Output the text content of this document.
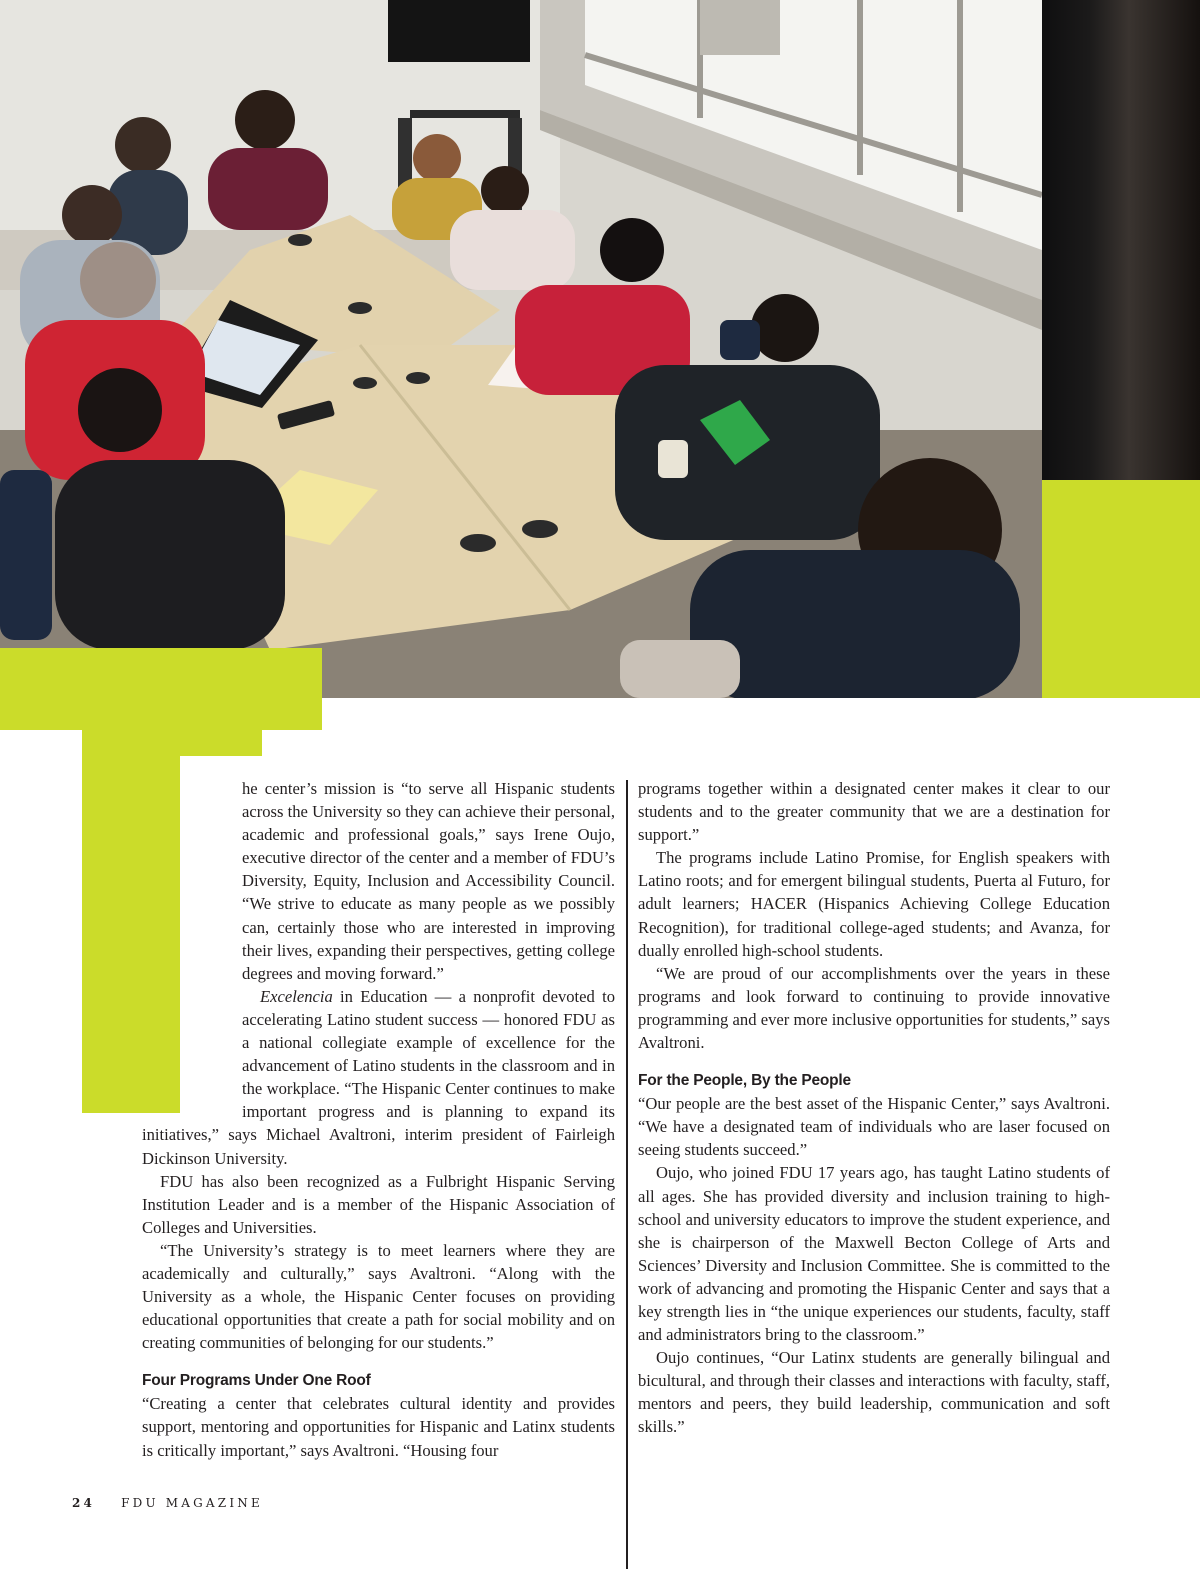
he center’s mission is “to serve all Hispanic students across the University so they can achieve their personal, academic and professional goals,” says Irene Oujo, executive director of the center and a member of FDU’s Diversity, Equity, Inclusion and Accessibility Council. “We strive to educate as many people as we possibly can, certainly those who are interested in improving their lives, expanding their perspectives, getting college degrees and moving forward.”

Excelencia in Education — a nonprofit devoted to accelerating Latino student success — honored FDU as a national collegiate example of excellence for the advancement of Latino students in the classroom and in the workplace. “The Hispanic Center continues to make important progress and is planning to expand its initiatives,” says Michael Avaltroni, interim president of Fairleigh Dickinson University.

FDU has also been recognized as a Fulbright Hispanic Serving Institution Leader and is a member of the Hispanic Association of Colleges and Universities.

“The University’s strategy is to meet learners where they are academically and culturally,” says Avaltroni. “Along with the University as a whole, the Hispanic Center focuses on providing educational opportunities that create a path for social mobility and on creating communities of belonging for our students.”

Four Programs Under One Roof

“Creating a center that celebrates cultural identity and provides support, mentoring and opportunities for Hispanic and Latinx students is critically important,” says Avaltroni. “Housing four

programs together within a designated center makes it clear to our students and to the greater community that we are a destination for support.”

The programs include Latino Promise, for English speakers with Latino roots; and for emergent bilingual students, Puerta al Futuro, for adult learners; HACER (Hispanics Achieving College Education Recognition), for traditional college-aged students; and Avanza, for dually enrolled high-school students.

“We are proud of our accomplishments over the years in these programs and look forward to continuing to provide innovative programming and ever more inclusive opportunities for students,” says Avaltroni.

For the People, By the People

“Our people are the best asset of the Hispanic Center,” says Avaltroni. “We have a designated team of individuals who are laser focused on seeing students succeed.”

Oujo, who joined FDU 17 years ago, has taught Latino students of all ages. She has provided diversity and inclusion training to high-school and university educators to improve the student experience, and she is chairperson of the Maxwell Becton College of Arts and Sciences’ Diversity and Inclusion Committee. She is committed to the work of advancing and promoting the Hispanic Center and says that a key strength lies in “the unique experiences our students, faculty, staff and administrators bring to the classroom.”

Oujo continues, “Our Latinx students are generally bilingual and bicultural, and through their classes and interactions with faculty, staff, mentors and peers, they build leadership, communication and soft skills.”

24 FDU MAGAZINE
